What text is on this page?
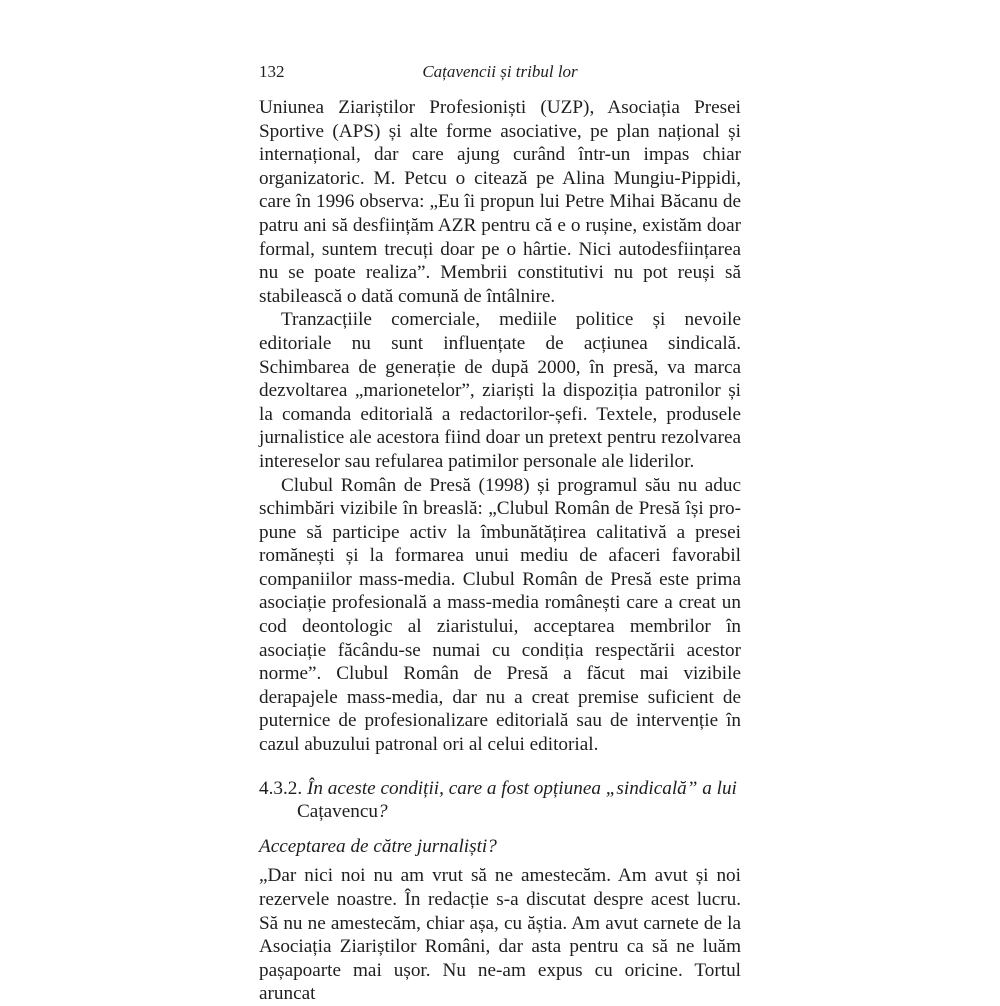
132	Cațavencii și tribul lor

Uniunea Ziariștilor Profesioniști (UZP), Asociația Presei Sportive (APS) și alte forme asociative, pe plan național și internațional, dar care ajung curând într-un impas chiar organizatoric. M. Petcu o citează pe Alina Mungiu-Pippidi, care în 1996 observa: „Eu îi propun lui Petre Mihai Băcanu de patru ani să desființăm AZR pentru că e o rușine, existăm doar formal, suntem trecuți doar pe o hârtie. Nici autodesființarea nu se poate realiza”. Membrii constitutivi nu pot reuși să stabilească o dată comună de întâlnire.

Tranzacțiile comerciale, mediile politice și nevoile editoriale nu sunt influențate de acțiunea sindicală. Schimbarea de generație de după 2000, în presă, va marca dezvoltarea „marionetelor”, ziariști la dispoziția patronilor și la comanda editorială a redactorilor-șefi. Textele, produsele jurnalistice ale acestora fiind doar un pretext pentru rezolvarea intereselor sau refularea patimilor personale ale liderilor.

Clubul Român de Presă (1998) și programul său nu aduc schimbări vizibile în breaslă: „Clubul Român de Presă își propune să participe activ la îmbunătățirea calitativă a presei romănești și la formarea unui mediu de afaceri favorabil companiilor mass-media. Clubul Român de Presă este prima asociație profesională a mass-media românești care a creat un cod deontologic al ziaristului, acceptarea membrilor în asociație făcându-se numai cu condiția respectării acestor norme”. Clubul Român de Presă a făcut mai vizibile derapajele mass-media, dar nu a creat premise suficient de puternice de profesionalizare editorială sau de intervenție în cazul abuzului patronal ori al celui editorial.

4.3.2. În aceste condiții, care a fost opțiunea „sindicală” a lui Cațavencu?

Acceptarea de către jurnaliști?

„Dar nici noi nu am vrut să ne amestecăm. Am avut și noi rezervele noastre. În redacție s-a discutat despre acest lucru. Să nu ne amestecăm, chiar așa, cu ăștia. Am avut carnete de la Asociația Ziariștilor Români, dar asta pentru ca să ne luăm pașapoarte mai ușor. Nu ne-am expus cu oricine. Tortul aruncat
